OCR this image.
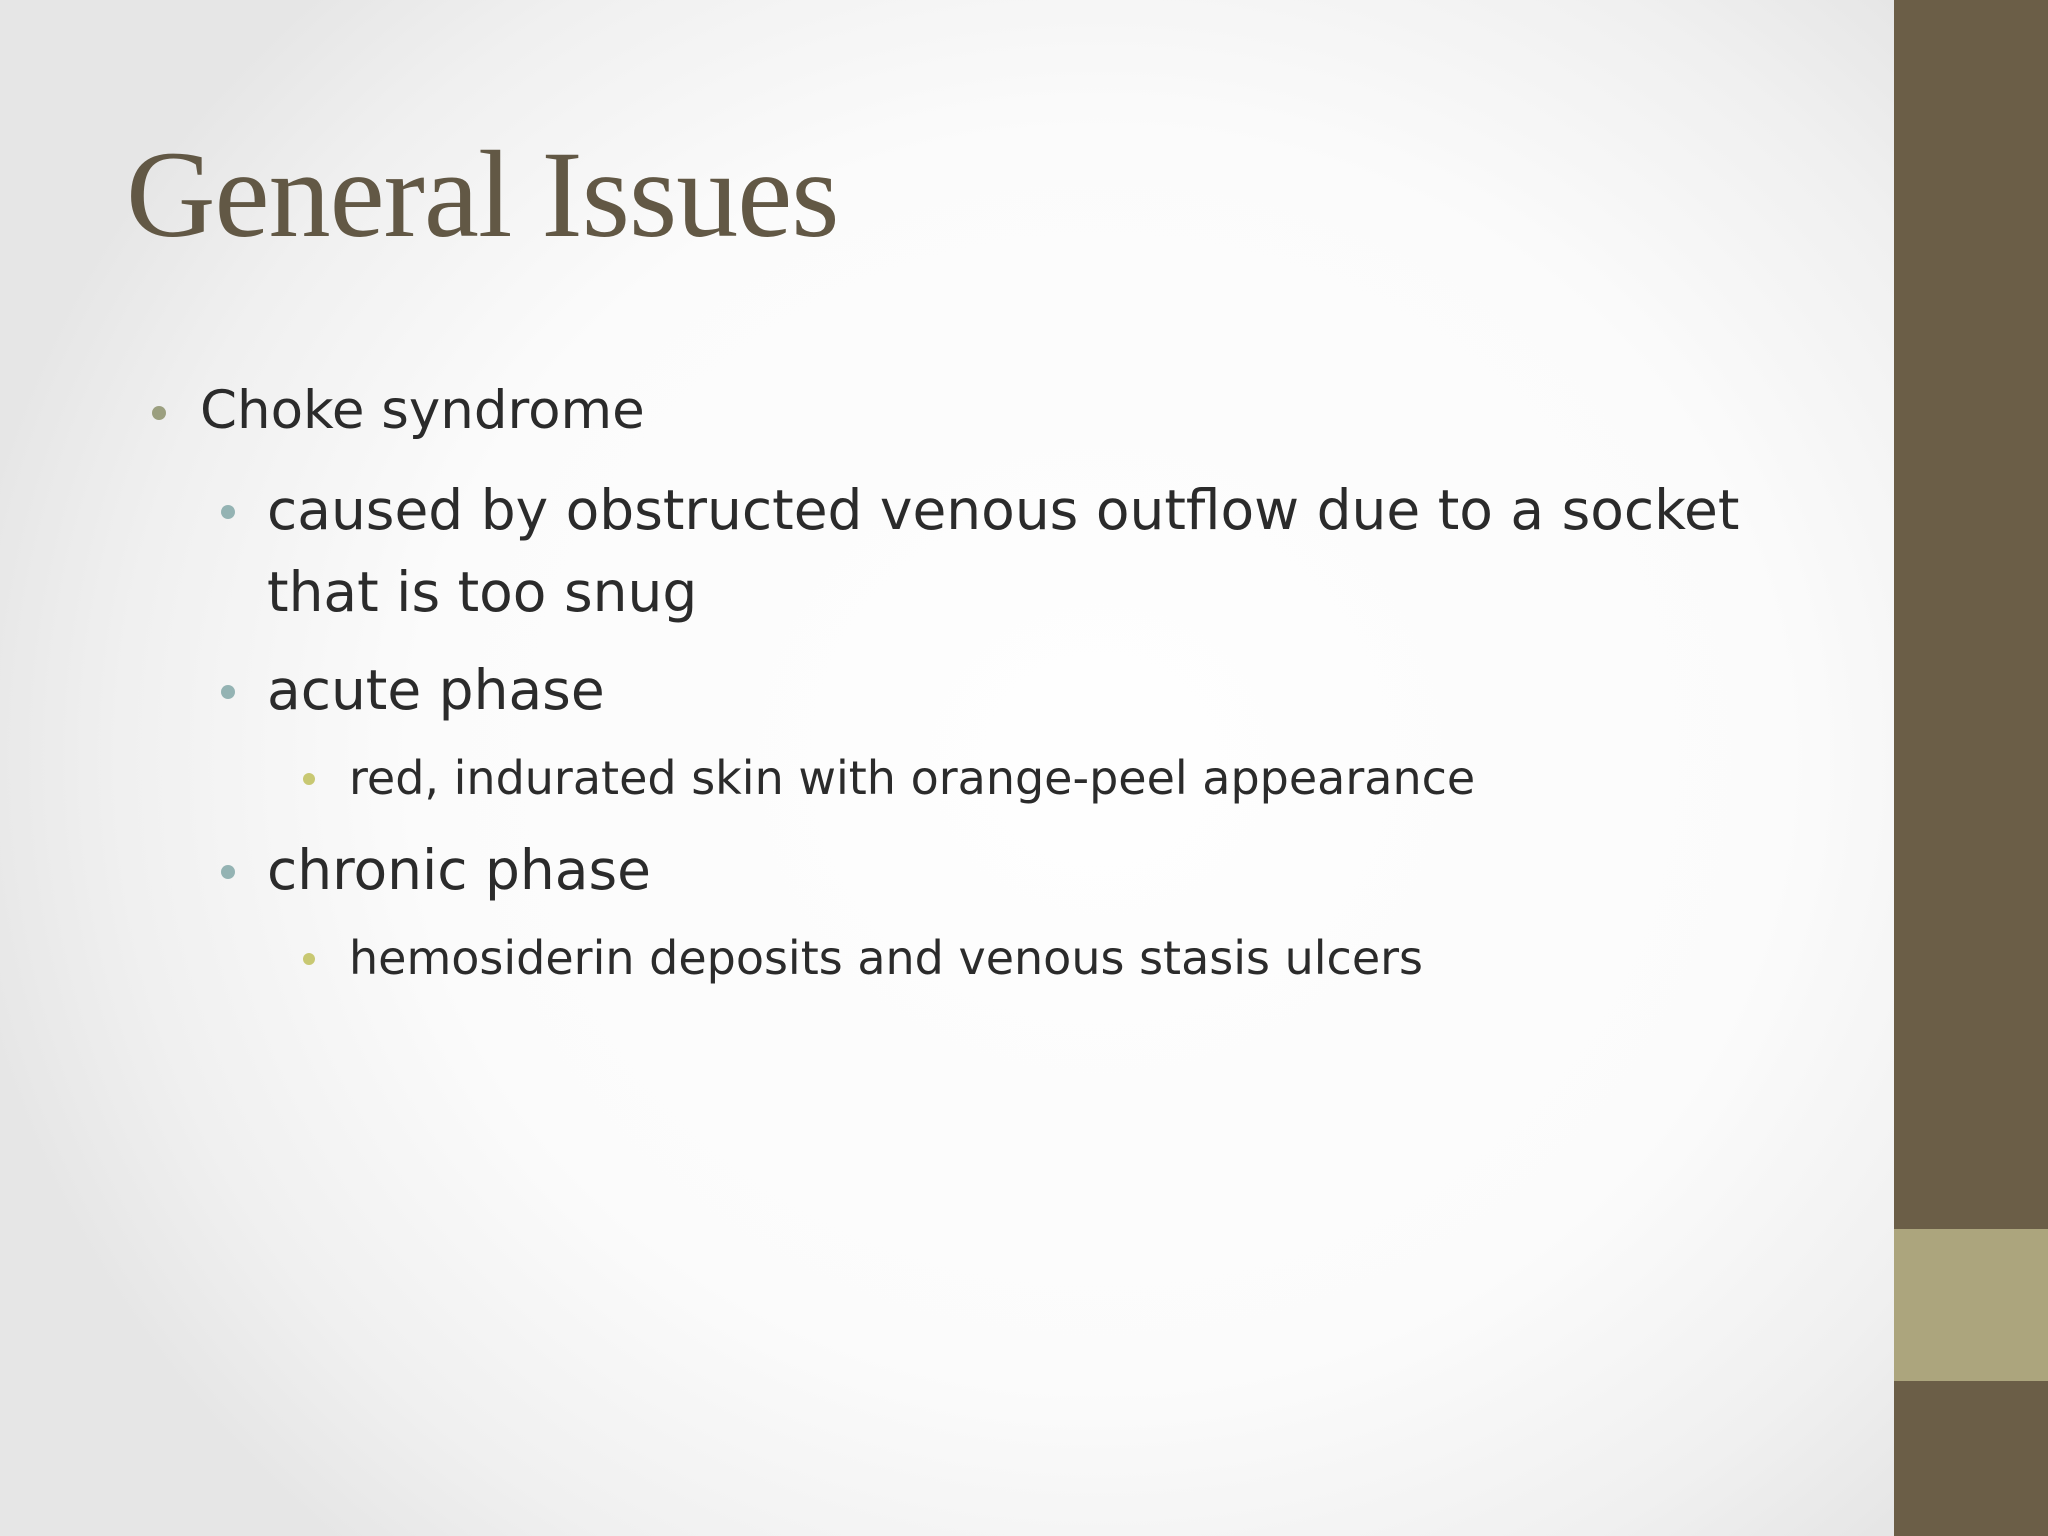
General Issues
Choke syndrome
caused by obstructed venous outflow due to a socket that is too snug
acute phase
red, indurated skin with orange-peel appearance
chronic phase
hemosiderin deposits and venous stasis ulcers
